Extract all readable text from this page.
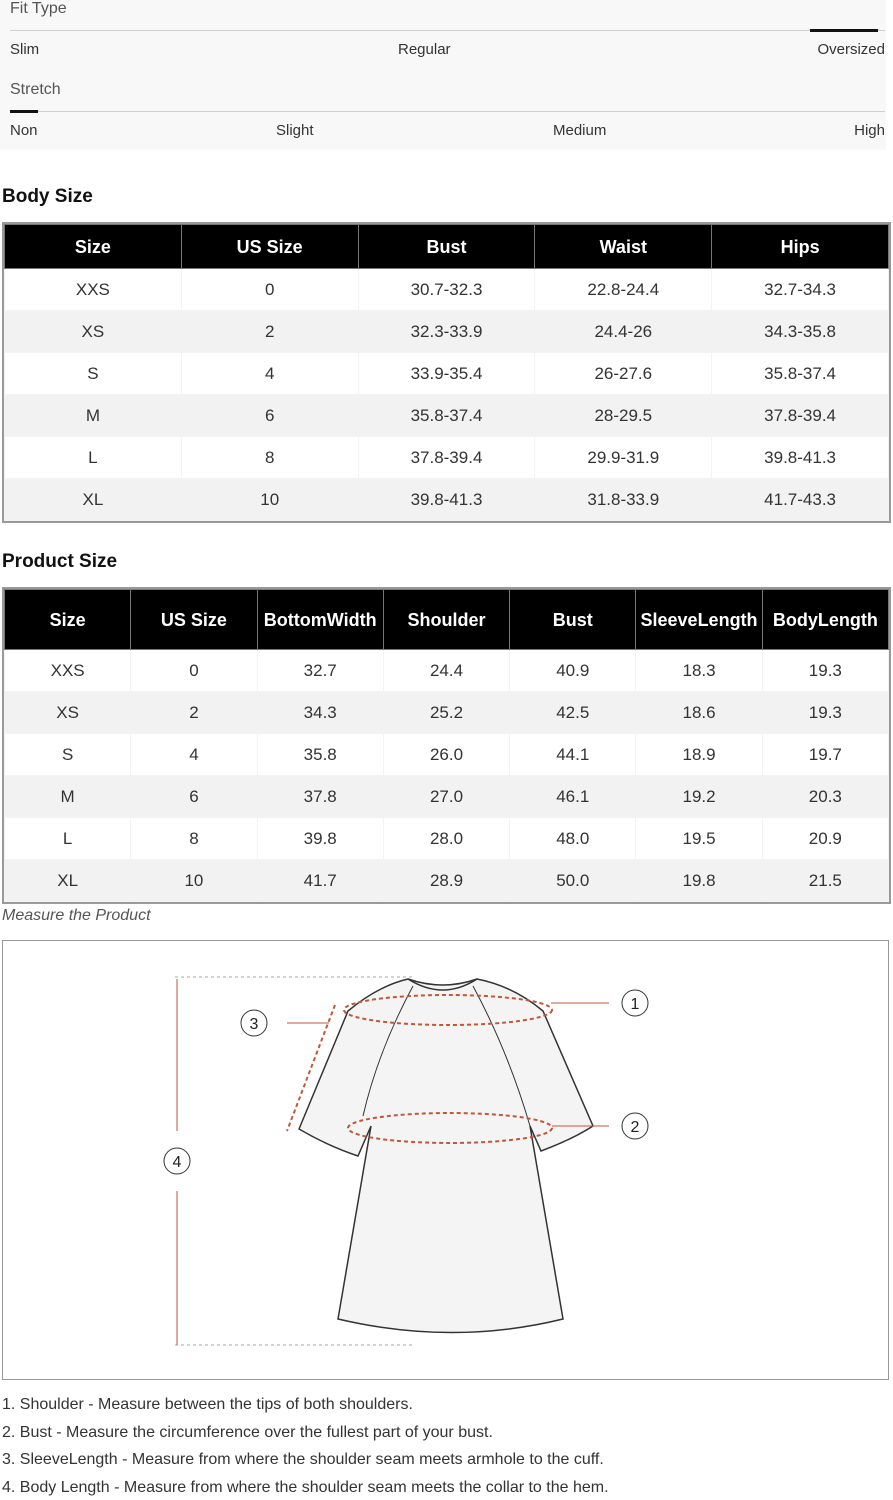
Fit Type
Slim	Regular	Oversized
Stretch
Non	Slight	Medium	High
Body Size
Size	US Size	Bust	Waist	Hips
XXS	0	30.7-32.3	22.8-24.4	32.7-34.3
XS	2	32.3-33.9	24.4-26	34.3-35.8
S	4	33.9-35.4	26-27.6	35.8-37.4
M	6	35.8-37.4	28-29.5	37.8-39.4
L	8	37.8-39.4	29.9-31.9	39.8-41.3
XL	10	39.8-41.3	31.8-33.9	41.7-43.3
Product Size
Size	US Size	BottomWidth	Shoulder	Bust	SleeveLength	BodyLength
XXS	0	32.7	24.4	40.9	18.3	19.3
XS	2	34.3	25.2	42.5	18.6	19.3
S	4	35.8	26.0	44.1	18.9	19.7
M	6	37.8	27.0	46.1	19.2	20.3
L	8	39.8	28.0	48.0	19.5	20.9
XL	10	41.7	28.9	50.0	19.8	21.5
Measure the Product
1
2
3
4
1. Shoulder - Measure between the tips of both shoulders.
2. Bust - Measure the circumference over the fullest part of your bust.
3. SleeveLength - Measure from where the shoulder seam meets armhole to the cuff.
4. Body Length - Measure from where the shoulder seam meets the collar to the hem.
